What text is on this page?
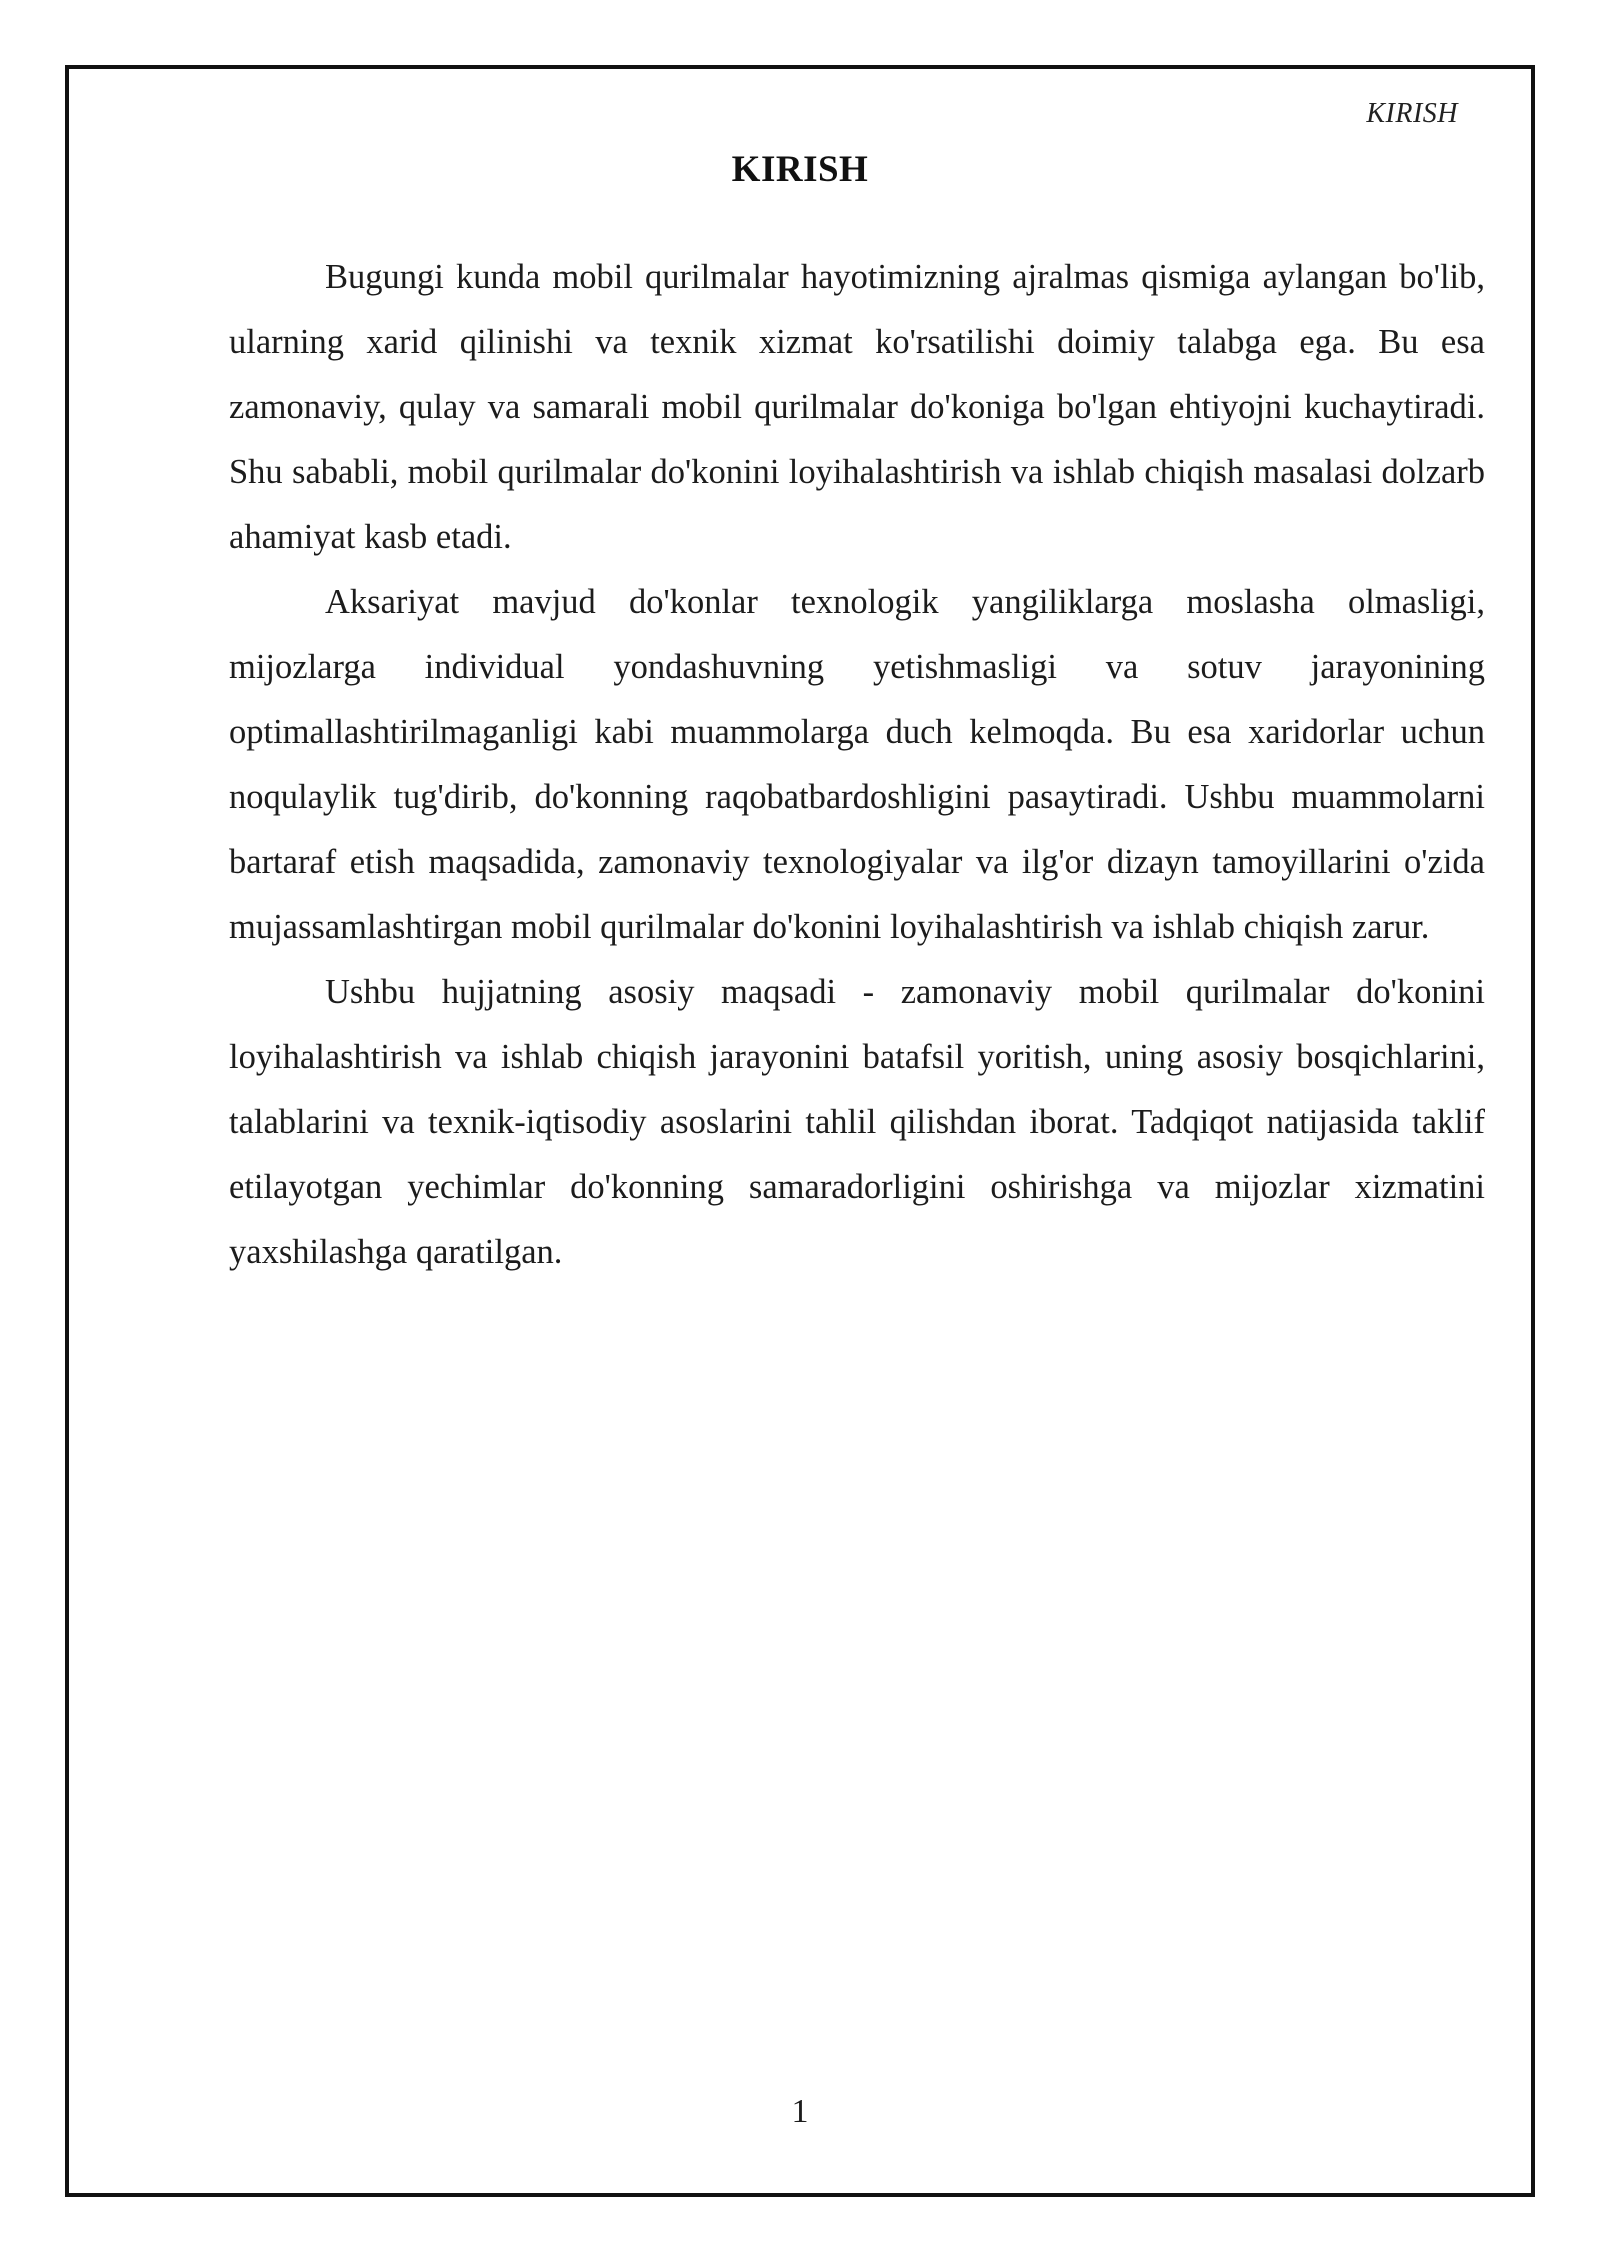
KIRISH
KIRISH

Bugungi kunda mobil qurilmalar hayotimizning ajralmas qismiga aylangan bo'lib, ularning xarid qilinishi va texnik xizmat ko'rsatilishi doimiy talabga ega. Bu esa zamonaviy, qulay va samarali mobil qurilmalar do'koniga bo'lgan ehtiyojni kuchaytiradi. Shu sababli, mobil qurilmalar do'konini loyihalashtirish va ishlab chiqish masalasi dolzarb ahamiyat kasb etadi.

Aksariyat mavjud do'konlar texnologik yangiliklarga moslasha olmasligi, mijozlarga individual yondashuvning yetishmasligi va sotuv jarayonining optimallashtirilmaganligi kabi muammolarga duch kelmoqda. Bu esa xaridorlar uchun noqulaylik tug'dirib, do'konning raqobatbardoshligini pasaytiradi. Ushbu muammolarni bartaraf etish maqsadida, zamonaviy texnologiyalar va ilg'or dizayn tamoyillarini o'zida mujassamlashtirgan mobil qurilmalar do'konini loyihalashtirish va ishlab chiqish zarur.

Ushbu hujjatning asosiy maqsadi - zamonaviy mobil qurilmalar do'konini loyihalashtirish va ishlab chiqish jarayonini batafsil yoritish, uning asosiy bosqichlarini, talablarini va texnik-iqtisodiy asoslarini tahlil qilishdan iborat. Tadqiqot natijasida taklif etilayotgan yechimlar do'konning samaradorligini oshirishga va mijozlar xizmatini yaxshilashga qaratilgan.

1
